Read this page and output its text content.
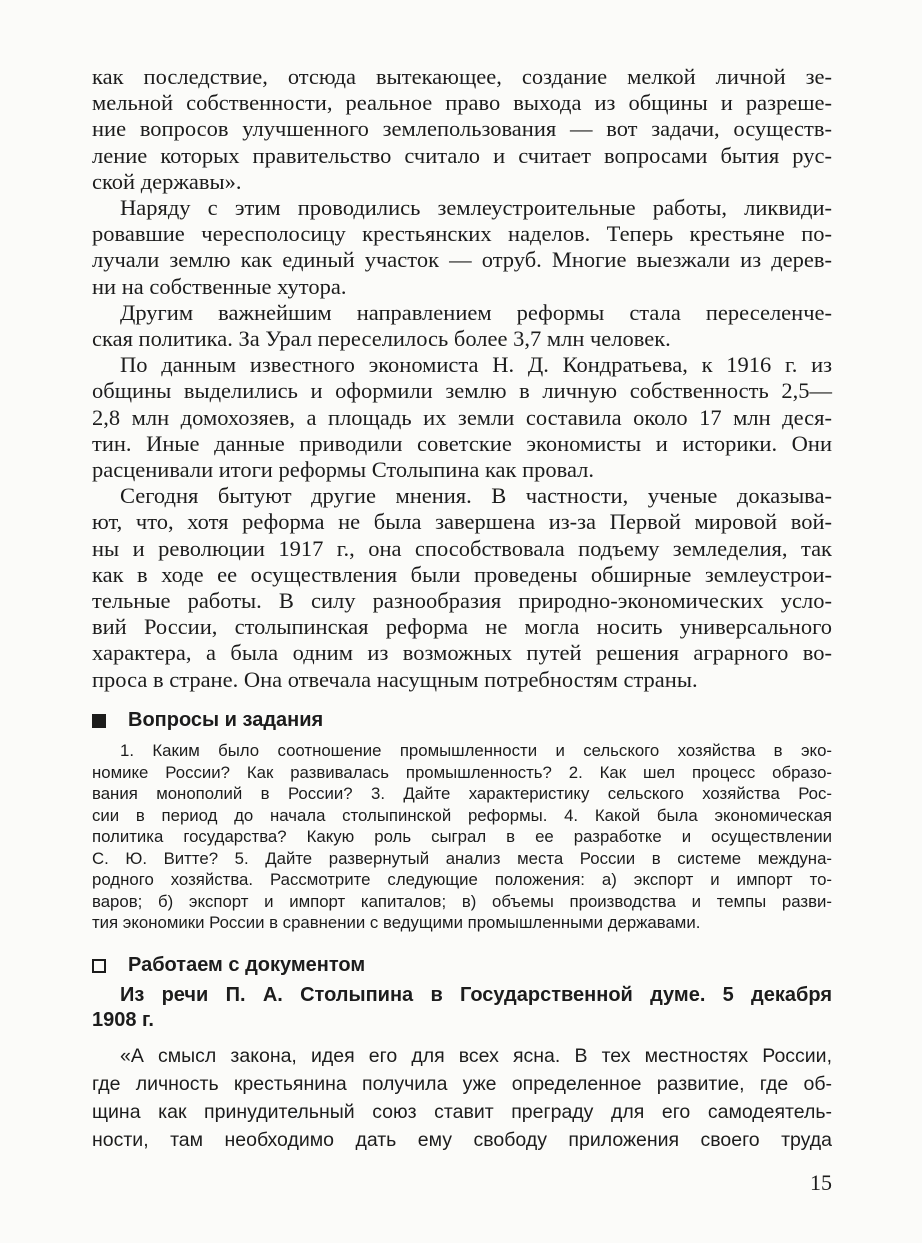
как последствие, отсюда вытекающее, создание мелкой личной зе-
мельной собственности, реальное право выхода из общины и разреше-
ние вопросов улучшенного землепользования — вот задачи, осуществ-
ление которых правительство считало и считает вопросами бытия рус-
ской державы».
Наряду с этим проводились землеустроительные работы, ликвиди-
ровавшие чересполосицу крестьянских наделов. Теперь крестьяне по-
лучали землю как единый участок — отруб. Многие выезжали из дерев-
ни на собственные хутора.
Другим важнейшим направлением реформы стала переселенче-
ская политика. За Урал переселилось более 3,7 млн человек.
По данным известного экономиста Н. Д. Кондратьева, к 1916 г. из
общины выделились и оформили землю в личную собственность 2,5—
2,8 млн домохозяев, а площадь их земли составила около 17 млн деся-
тин. Иные данные приводили советские экономисты и историки. Они
расценивали итоги реформы Столыпина как провал.
Сегодня бытуют другие мнения. В частности, ученые доказыва-
ют, что, хотя реформа не была завершена из-за Первой мировой вой-
ны и революции 1917 г., она способствовала подъему земледелия, так
как в ходе ее осуществления были проведены обширные землеустрои-
тельные работы. В силу разнообразия природно-экономических усло-
вий России, столыпинская реформа не могла носить универсального
характера, а была одним из возможных путей решения аграрного во-
проса в стране. Она отвечала насущным потребностям страны.
Вопросы и задания
1. Каким было соотношение промышленности и сельского хозяйства в эко-
номике России? Как развивалась промышленность? 2. Как шел процесс образо-
вания монополий в России? 3. Дайте характеристику сельского хозяйства Рос-
сии в период до начала столыпинской реформы. 4. Какой была экономическая
политика государства? Какую роль сыграл в ее разработке и осуществлении
С. Ю. Витте? 5. Дайте развернутый анализ места России в системе междуна-
родного хозяйства. Рассмотрите следующие положения: а) экспорт и импорт то-
варов; б) экспорт и импорт капиталов; в) объемы производства и темпы разви-
тия экономики России в сравнении с ведущими промышленными державами.
Работаем с документом
Из речи П. А. Столыпина в Государственной думе. 5 декабря
1908 г.
«А смысл закона, идея его для всех ясна. В тех местностях России,
где личность крестьянина получила уже определенное развитие, где об-
щина как принудительный союз ставит преграду для его самодеятель-
ности, там необходимо дать ему свободу приложения своего труда
15
